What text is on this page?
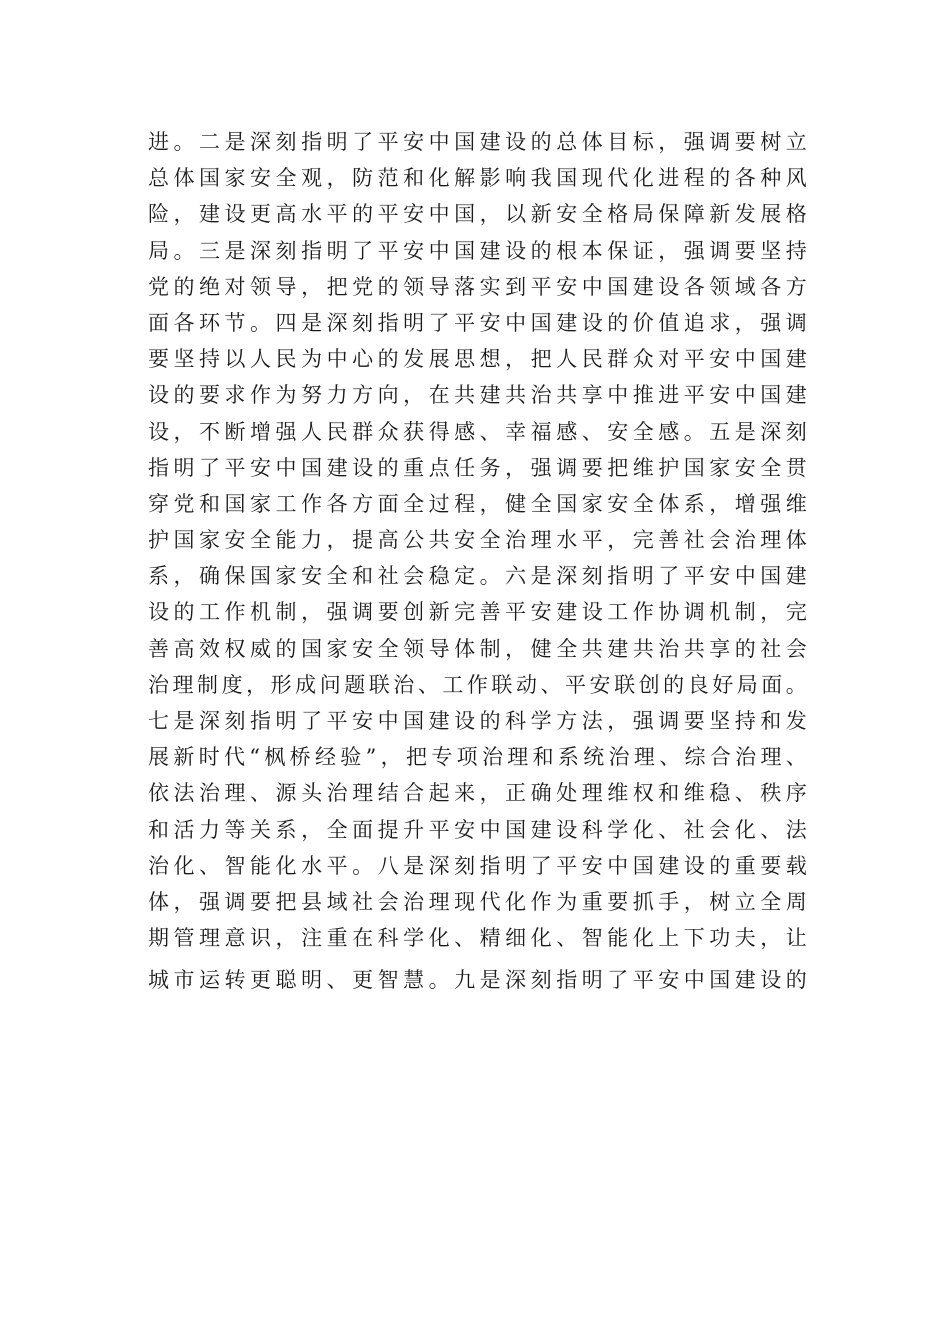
进。二是深刻指明了平安中国建设的总体目标，强调要树立
总体国家安全观，防范和化解影响我国现代化进程的各种风
险，建设更高水平的平安中国，以新安全格局保障新发展格
局。三是深刻指明了平安中国建设的根本保证，强调要坚持
党的绝对领导，把党的领导落实到平安中国建设各领域各方
面各环节。四是深刻指明了平安中国建设的价值追求，强调
要坚持以人民为中心的发展思想，把人民群众对平安中国建
设的要求作为努力方向，在共建共治共享中推进平安中国建
设，不断增强人民群众获得感、幸福感、安全感。五是深刻
指明了平安中国建设的重点任务，强调要把维护国家安全贯
穿党和国家工作各方面全过程，健全国家安全体系，增强维
护国家安全能力，提高公共安全治理水平，完善社会治理体
系，确保国家安全和社会稳定。六是深刻指明了平安中国建
设的工作机制，强调要创新完善平安建设工作协调机制，完
善高效权威的国家安全领导体制，健全共建共治共享的社会
治理制度，形成问题联治、工作联动、平安联创的良好局面。
七是深刻指明了平安中国建设的科学方法，强调要坚持和发
展新时代“枫桥经验”，把专项治理和系统治理、综合治理、
依法治理、源头治理结合起来，正确处理维权和维稳、秩序
和活力等关系，全面提升平安中国建设科学化、社会化、法
治化、智能化水平。八是深刻指明了平安中国建设的重要载
体，强调要把县域社会治理现代化作为重要抓手，树立全周
期管理意识，注重在科学化、精细化、智能化上下功夫，让
城市运转更聪明、更智慧。九是深刻指明了平安中国建设的
